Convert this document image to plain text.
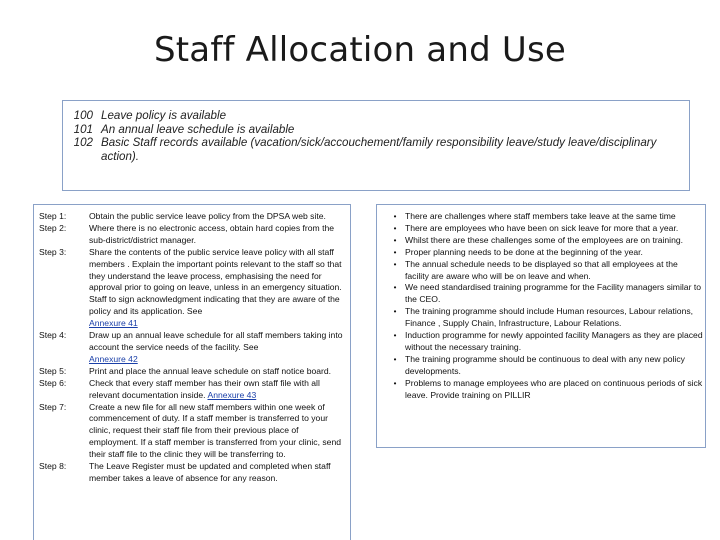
Staff Allocation and Use
100 Leave policy is available
101 An annual leave schedule is available
102 Basic Staff records available (vacation/sick/accouchement/family responsibility leave/study leave/disciplinary action).
Step 1:	Obtain the public service leave policy from the DPSA web site.
Step 2:	Where there is no electronic access, obtain hard copies from the sub-district/district manager.
Step 3:	Share the contents of the public service leave policy with all staff members . Explain the important points relevant to the staff so that they understand the leave process, emphasising the need for approval prior to going on leave, unless in an emergency situation. Staff to sign acknowledgment indicating that they are aware of the policy and its application. See
Annexure 41
Step 4:	Draw up an annual leave schedule for all staff members taking into account the service needs of the facility. See
Annexure 42
Step 5:	Print and place the annual leave schedule on staff notice board.
Step 6:	Check that every staff member has their own staff file with all relevant documentation inside. Annexure 43
Step 7:	Create a new file for all new staff members within one week of commencement of duty. If a staff member is transferred to your clinic, request their staff file from their previous place of employment. If a staff member is transferred from your clinic, send their staff file to the clinic they will be transferring to.
Step 8:	The Leave Register must be updated and completed when staff member takes a leave of absence for any reason.
• There are challenges where staff members take leave at the same time
• There are employees who have been on sick leave for more that a year.
• Whilst there are these challenges some of the employees are on training.
• Proper planning needs to be done at the beginning of the year.
• The annual schedule needs to be displayed so that all employees at the facility are aware who will be on leave and when.
• We need standardised training programme for the Facility managers similar to the CEO.
• The training programme should include Human resources, Labour relations, Finance , Supply Chain, Infrastructure, Labour Relations.
• Induction programme for newly appointed facility Managers as they are placed without the necessary training.
• The training programme should be continuous to deal with any new policy developments.
• Problems to manage employees who are placed on continuous periods of sick leave. Provide training on PILLIR
